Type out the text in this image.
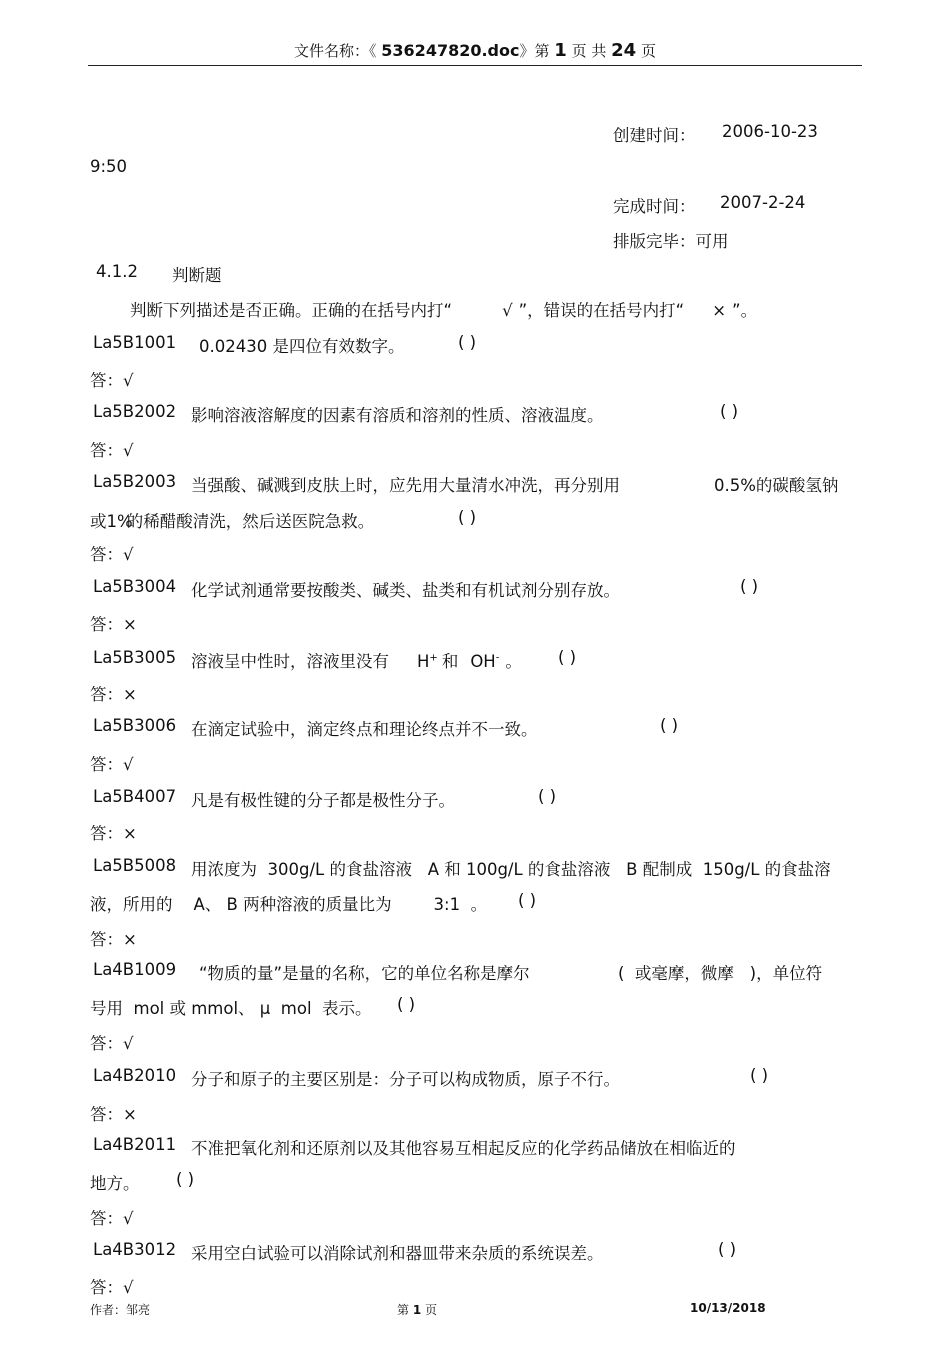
文件名称：《 536247820.doc》第 1 页 共 24 页
创建时间： 2006-10-23
9:50
完成时间： 2007-2-24
排版完毕：可用
4.1.2 判断题
判断下列描述是否正确。正确的在括号内打“	√ ”，错误的在括号内打“ × ”。
La5B1001 0.02430 是四位有效数字。	( )
答：√
La5B2002 影响溶液溶解度的因素有溶质和溶剂的性质、溶液温度。	( )
答：√
La5B2003 当强酸、碱溅到皮肤上时，应先用大量清水冲洗，再分别用	0.5%的碳酸氢钠
或1%的稀醋酸清洗，然后送医院急救。	( )
答：√
La5B3004 化学试剂通常要按酸类、碱类、盐类和有机试剂分别存放。	( )
答：×
La5B3005 溶液呈中性时，溶液里没有 H+ 和 OH- 。 ( )
答：×
La5B3006 在滴定试验中，滴定终点和理论终点并不一致。	( )
答：√
La5B4007 凡是有极性键的分子都是极性分子。	( )
答：×
La5B5008 用浓度为  300g/L 的食盐溶液   A 和 100g/L 的食盐溶液   B 配制成  150g/L 的食盐溶
液，所用的    A、 B 两种溶液的质量比为        3:1  。 ( )
答：×
La4B1009 “物质的量”是量的名称，它的单位名称是摩尔	(  或毫摩，微摩   )，单位符
号用  mol 或 mmol、 μ  mol  表示。 ( )
答：√
La4B2010 分子和原子的主要区别是：分子可以构成物质，原子不行。	( )
答：×
La4B2011 不准把氧化剂和还原剂以及其他容易互相起反应的化学药品储放在相临近的
地方。 ( )
答：√
La4B3012 采用空白试验可以消除试剂和器皿带来杂质的系统误差。	( )
答：√
作者：邹亮	第 1 页	10/13/2018
